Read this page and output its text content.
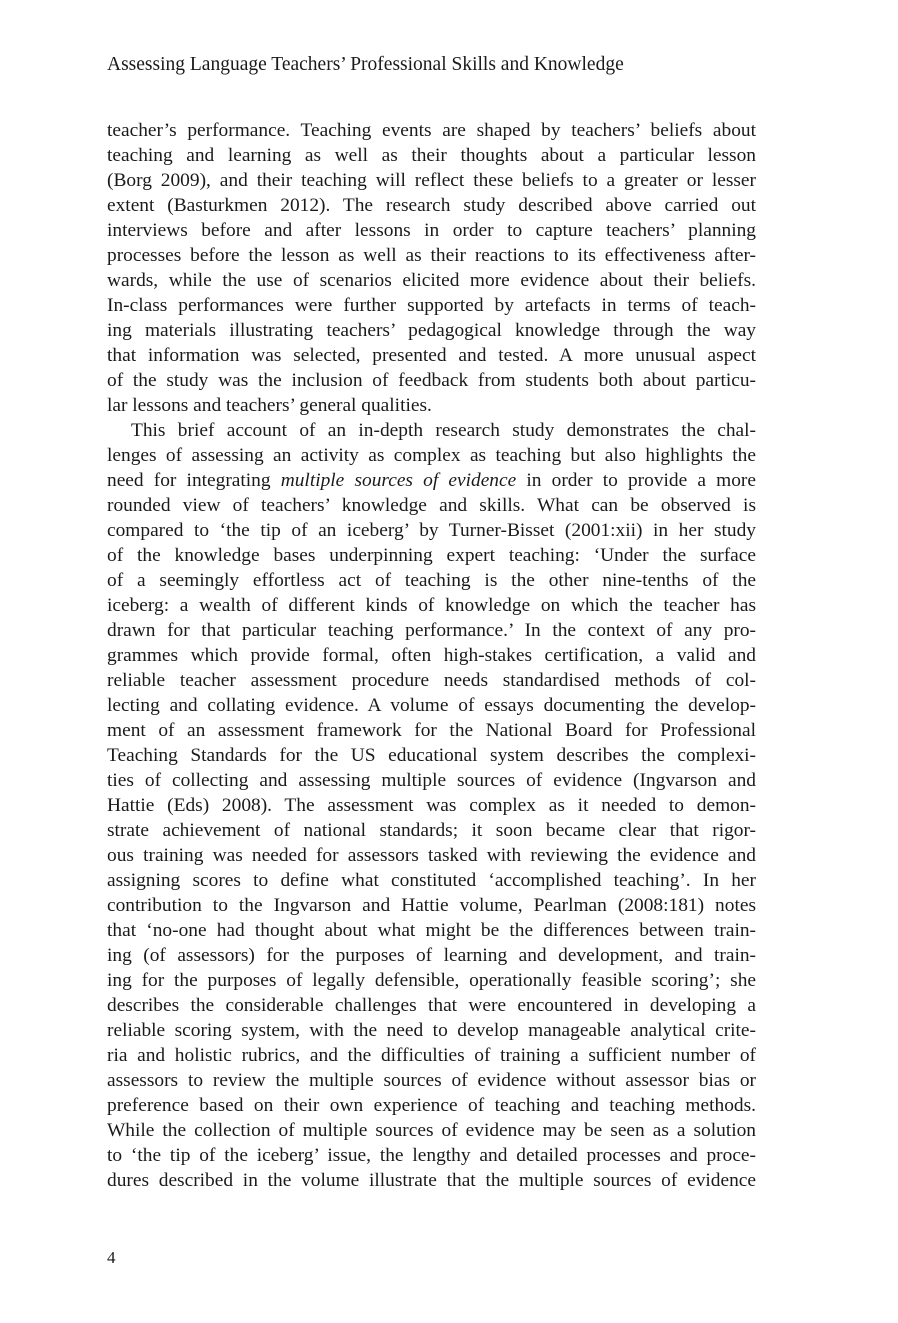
Assessing Language Teachers’ Professional Skills and Knowledge
teacher’s performance. Teaching events are shaped by teachers’ beliefs about
teaching and learning as well as their thoughts about a particular lesson
(Borg 2009), and their teaching will reflect these beliefs to a greater or lesser
extent (Basturkmen 2012). The research study described above carried out
interviews before and after lessons in order to capture teachers’ planning
processes before the lesson as well as their reactions to its effectiveness after-
wards, while the use of scenarios elicited more evidence about their beliefs.
In-class performances were further supported by artefacts in terms of teach-
ing materials illustrating teachers’ pedagogical knowledge through the way
that information was selected, presented and tested. A more unusual aspect
of the study was the inclusion of feedback from students both about particu-
lar lessons and teachers’ general qualities.
This brief account of an in-depth research study demonstrates the chal-
lenges of assessing an activity as complex as teaching but also highlights the
need for integrating multiple sources of evidence in order to provide a more
rounded view of teachers’ knowledge and skills. What can be observed is
compared to ‘the tip of an iceberg’ by Turner-Bisset (2001:xii) in her study
of the knowledge bases underpinning expert teaching: ‘Under the surface
of a seemingly effortless act of teaching is the other nine-tenths of the
iceberg: a wealth of different kinds of knowledge on which the teacher has
drawn for that particular teaching performance.’ In the context of any pro-
grammes which provide formal, often high-stakes certification, a valid and
reliable teacher assessment procedure needs standardised methods of col-
lecting and collating evidence. A volume of essays documenting the develop-
ment of an assessment framework for the National Board for Professional
Teaching Standards for the US educational system describes the complexi-
ties of collecting and assessing multiple sources of evidence (Ingvarson and
Hattie (Eds) 2008). The assessment was complex as it needed to demon-
strate achievement of national standards; it soon became clear that rigor-
ous training was needed for assessors tasked with reviewing the evidence and
assigning scores to define what constituted ‘accomplished teaching’. In her
contribution to the Ingvarson and Hattie volume, Pearlman (2008:181) notes
that ‘no-one had thought about what might be the differences between train-
ing (of assessors) for the purposes of learning and development, and train-
ing for the purposes of legally defensible, operationally feasible scoring’; she
describes the considerable challenges that were encountered in developing a
reliable scoring system, with the need to develop manageable analytical crite-
ria and holistic rubrics, and the difficulties of training a sufficient number of
assessors to review the multiple sources of evidence without assessor bias or
preference based on their own experience of teaching and teaching methods.
While the collection of multiple sources of evidence may be seen as a solution
to ‘the tip of the iceberg’ issue, the lengthy and detailed processes and proce-
dures described in the volume illustrate that the multiple sources of evidence
4
